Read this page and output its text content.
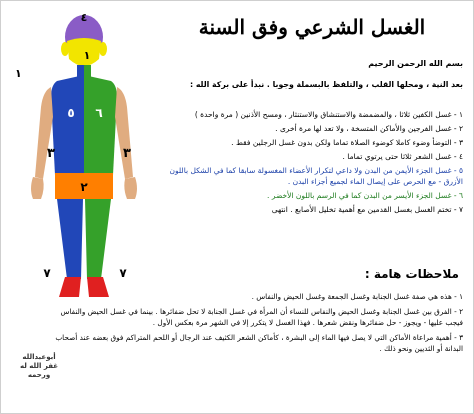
٤
١
٣	٣
٥ ٦
٢
٧	٧
١
الغسل الشرعي وفق السنة
بسم الله الرحمن الرحيم
بعد النية ، ومحلها القلب ، والتلفظ بالبسملة وجوبا . نبدأ على بركة الله :
١ - غسل الكفين ثلاثا ، والمضمضة والاستنشاق والاستنثار ، ومسح الأذنين ( مرة واحدة )
٢ - غسل الفرجين والأماكن المتسخة ، ولا تعد لها مرة أخرى .
٣ - التوضأ وضوء كاملا كوضوء الصلاة تماما ولكن بدون غسل الرجلين فقط .
٤ - غسل الشعر ثلاثا حتى يرتوي تماما .
٥ - غسل الجزء الأيمن من البدن ولا داعي لتكرار الأعضاء المغسولة سابقا كما في الشكل باللون الأزرق - مع الحرص على إيصال الماء لجميع أجزاء البدن .
٦ - غسل الجزء الأيسر من البدن كما في الرسم باللون الأخضر .
٧ - تختم الغسل بغسل القدمين مع أهمية تخليل الأصابع . انتهى
ملاحظات هامة :
١ - هذه هي صفة غسل الجنابة وغسل الجمعة وغسل الحيض والنفاس .
٢ - الفرق بين غسل الجنابة وغسل الحيض والنفاس للنساء أن المرأة في غسل الجنابة لا تحل ضفائرها . بينما في غسل الحيض والنفاس فيجب عليها - ويجوز - حل ضفائرها ونقض شعرها . فهذا الغسل لا يتكرر إلا في الشهر مرة بعكس الأول .
٣ - أهمية مراعاة الأماكن التي لا يصل فيها الماء إلى البشرة ، كأماكن الشعر الكثيف عند الرجال أو اللحم المتراكم فوق بعضه عند أصحاب البدانة أو الثديين ونحو ذلك .
أبوعبدالله
غفر الله له
ورحمه
